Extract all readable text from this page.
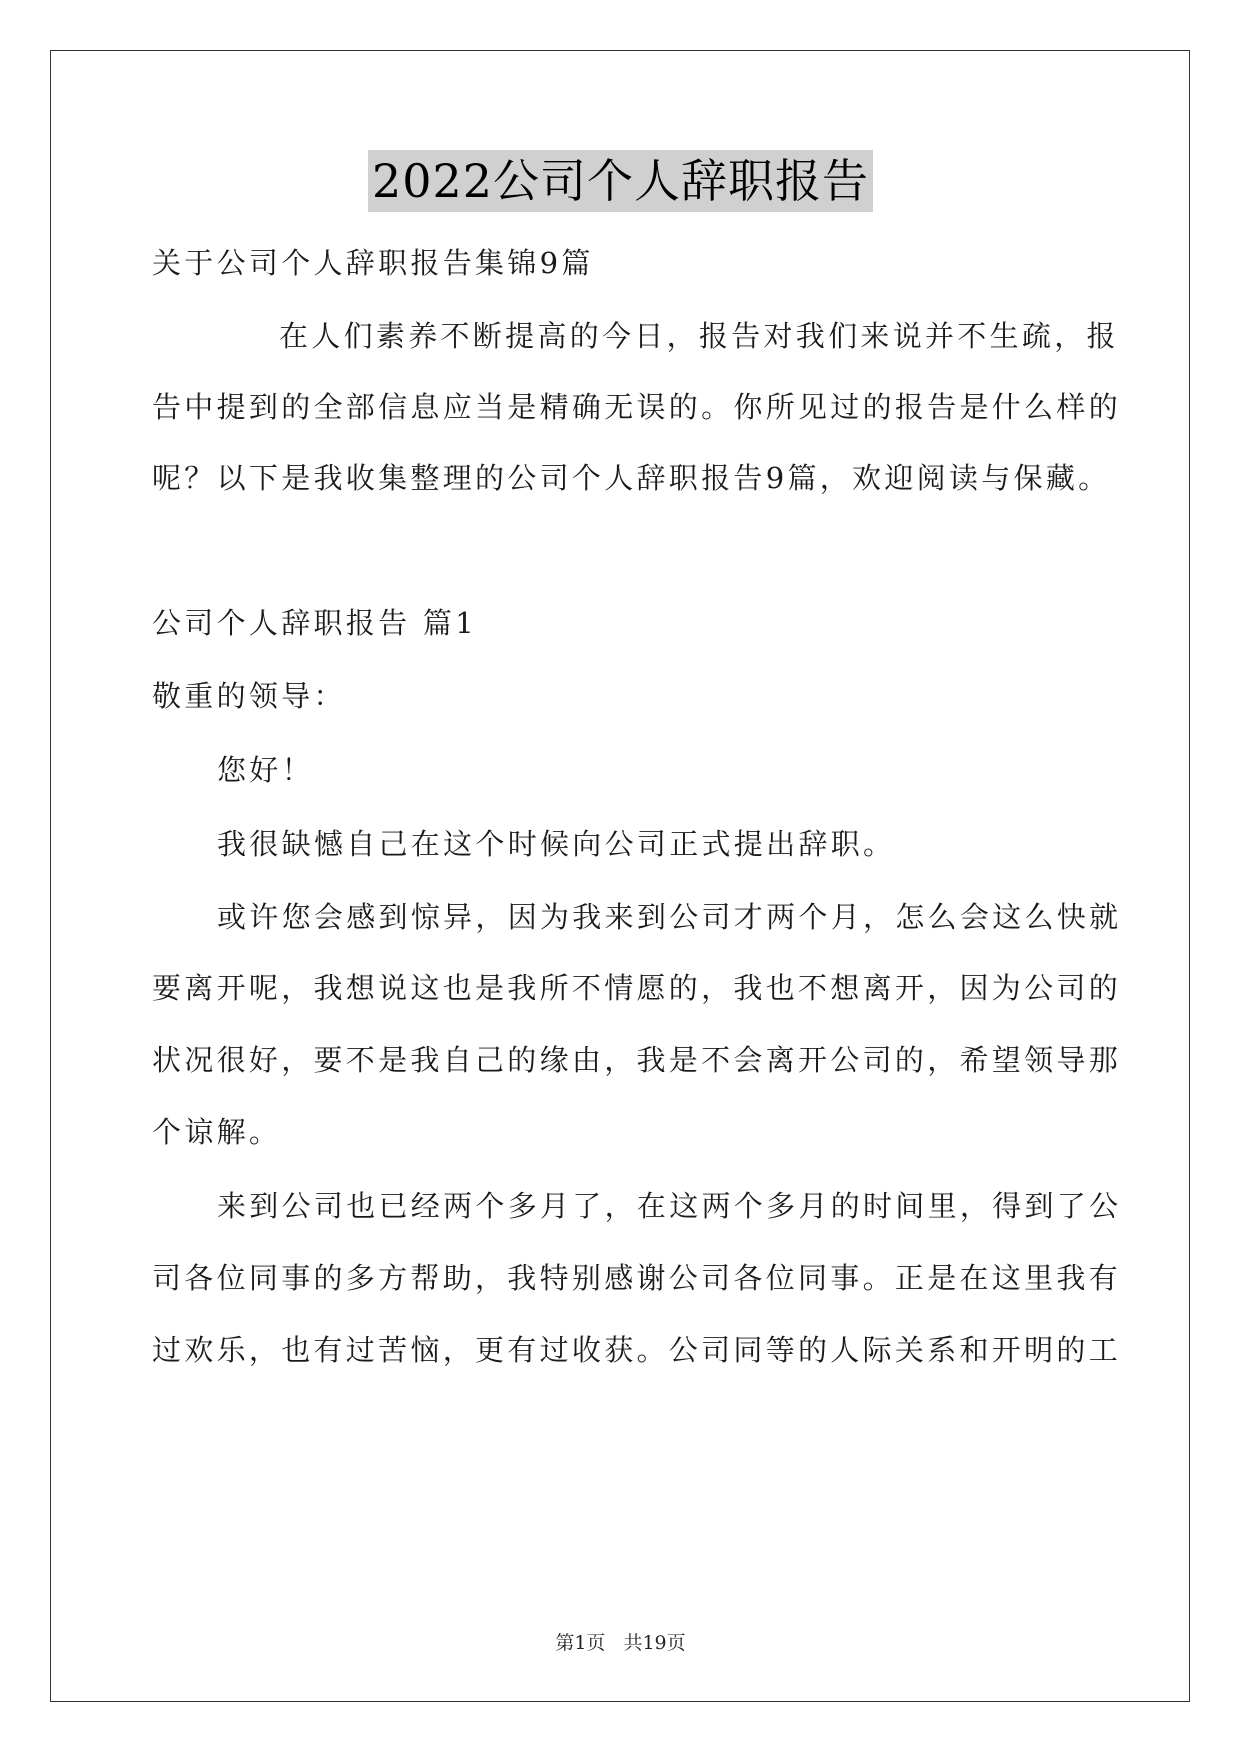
2022公司个人辞职报告
关于公司个人辞职报告集锦9篇
在人们素养不断提高的今日，报告对我们来说并不生疏，报
告中提到的全部信息应当是精确无误的。你所见过的报告是什么样的
呢？以下是我收集整理的公司个人辞职报告9篇，欢迎阅读与保藏。
公司个人辞职报告 篇1
敬重的领导：
您好！
我很缺憾自己在这个时候向公司正式提出辞职。
或许您会感到惊异，因为我来到公司才两个月，怎么会这么快就
要离开呢，我想说这也是我所不情愿的，我也不想离开，因为公司的
状况很好，要不是我自己的缘由，我是不会离开公司的，希望领导那
个谅解。
来到公司也已经两个多月了，在这两个多月的时间里，得到了公
司各位同事的多方帮助，我特别感谢公司各位同事。正是在这里我有
过欢乐，也有过苦恼，更有过收获。公司同等的人际关系和开明的工
第1页 共19页
